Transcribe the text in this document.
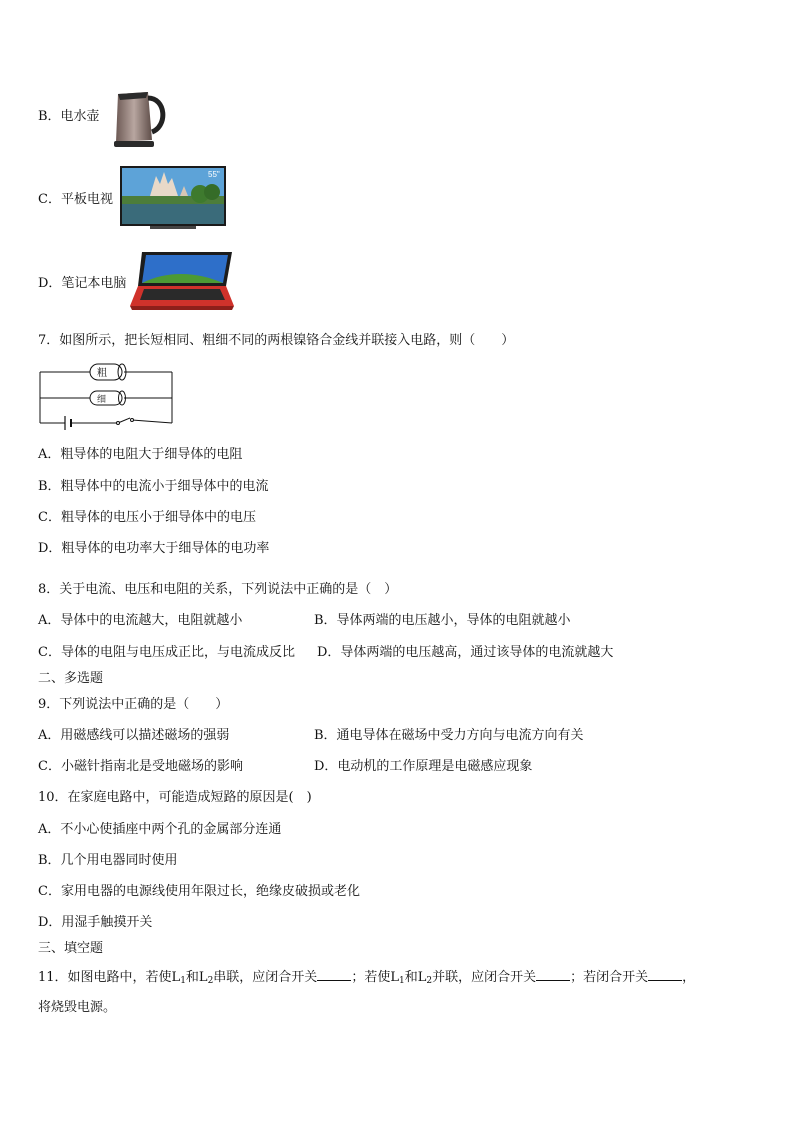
B．电水壶
C．平板电视
55"
D．笔记本电脑
7．如图所示，把长短相同、粗细不同的两根镍铬合金线并联接入电路，则（　　）
粗
细
A．粗导体的电阻大于细导体的电阻
B．粗导体中的电流小于细导体中的电流
C．粗导体的电压小于细导体中的电压
D．粗导体的电功率大于细导体的电功率
8．关于电流、电压和电阻的关系，下列说法中正确的是（　）
A．导体中的电流越大，电阻就越小	B．导体两端的电压越小，导体的电阻就越小
C．导体的电阻与电压成正比，与电流成反比 D．导体两端的电压越高，通过该导体的电流就越大
二、多选题
9．下列说法中正确的是（　　）
A．用磁感线可以描述磁场的强弱	B．通电导体在磁场中受力方向与电流方向有关
C．小磁针指南北是受地磁场的影响	D．电动机的工作原理是电磁感应现象
10．在家庭电路中，可能造成短路的原因是(　)
A．不小心使插座中两个孔的金属部分连通
B．几个用电器同时使用
C．家用电器的电源线使用年限过长，绝缘皮破损或老化
D．用湿手触摸开关
三、填空题
11．如图电路中，若使$L_1$和$L_2$串联，应闭合开关	；若使$L_1$和$L_2$并联，应闭合开关	；若闭合开关	，
将烧毁电源。
